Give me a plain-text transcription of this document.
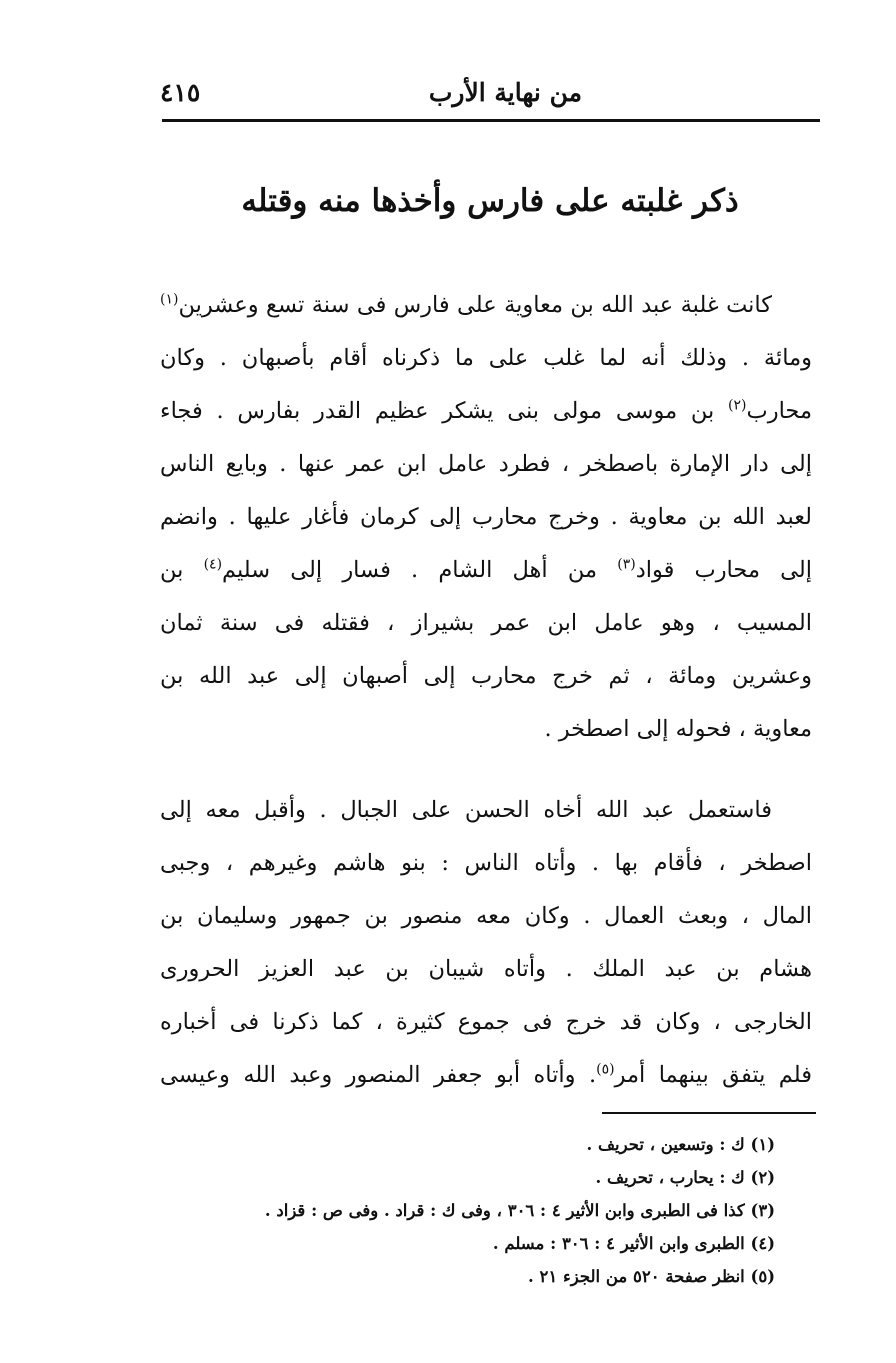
من نهاية الأرب
٤١٥
ذكر غلبته على فارس وأخذها منه وقتله
كانت غلبة عبد الله بن معاوية على فارس فى سنة تسع وعشرين$^{(١)}$
ومائة . وذلك أنه لما غلب على ما ذكرناه أقام بأصبهان . وكان
محارب$^{(٢)}$ بن موسى مولى بنى يشكر عظيم القدر بفارس . فجاء
إلى دار الإمارة باصطخر ، فطرد عامل ابن عمر عنها . وبايع الناس
لعبد الله بن معاوية . وخرج محارب إلى كرمان فأغار عليها . وانضم
إلى محارب قواد$^{(٣)}$ من أهل الشام . فسار إلى سليم$^{(٤)}$ بن
المسيب ، وهو عامل ابن عمر بشيراز ، فقتله فى سنة ثمان
وعشرين ومائة ، ثم خرج محارب إلى أصبهان إلى عبد الله بن
معاوية ، فحوله إلى اصطخر .
فاستعمل عبد الله أخاه الحسن على الجبال . وأقبل معه إلى
اصطخر ، فأقام بها . وأتاه الناس : بنو هاشم وغيرهم ، وجبى
المال ، وبعث العمال . وكان معه منصور بن جمهور وسليمان بن
هشام بن عبد الملك . وأتاه شيبان بن عبد العزيز الحرورى
الخارجى ، وكان قد خرج فى جموع كثيرة ، كما ذكرنا فى أخباره
فلم يتفق بينهما أمر$^{(٥)}$. وأتاه أبو جعفر المنصور وعبد الله وعيسى
(١) ك : وتسعين ، تحريف .
(٢) ك : يحارب ، تحريف .
(٣) كذا فى الطبرى وابن الأثير ٤ : ٣٠٦ ، وفى ك : قراد . وفى ص : قزاد .
(٤) الطبرى وابن الأثير ٤ : ٣٠٦ : مسلم .
(٥) انظر صفحة ٥٢٠ من الجزء ٢١ .
